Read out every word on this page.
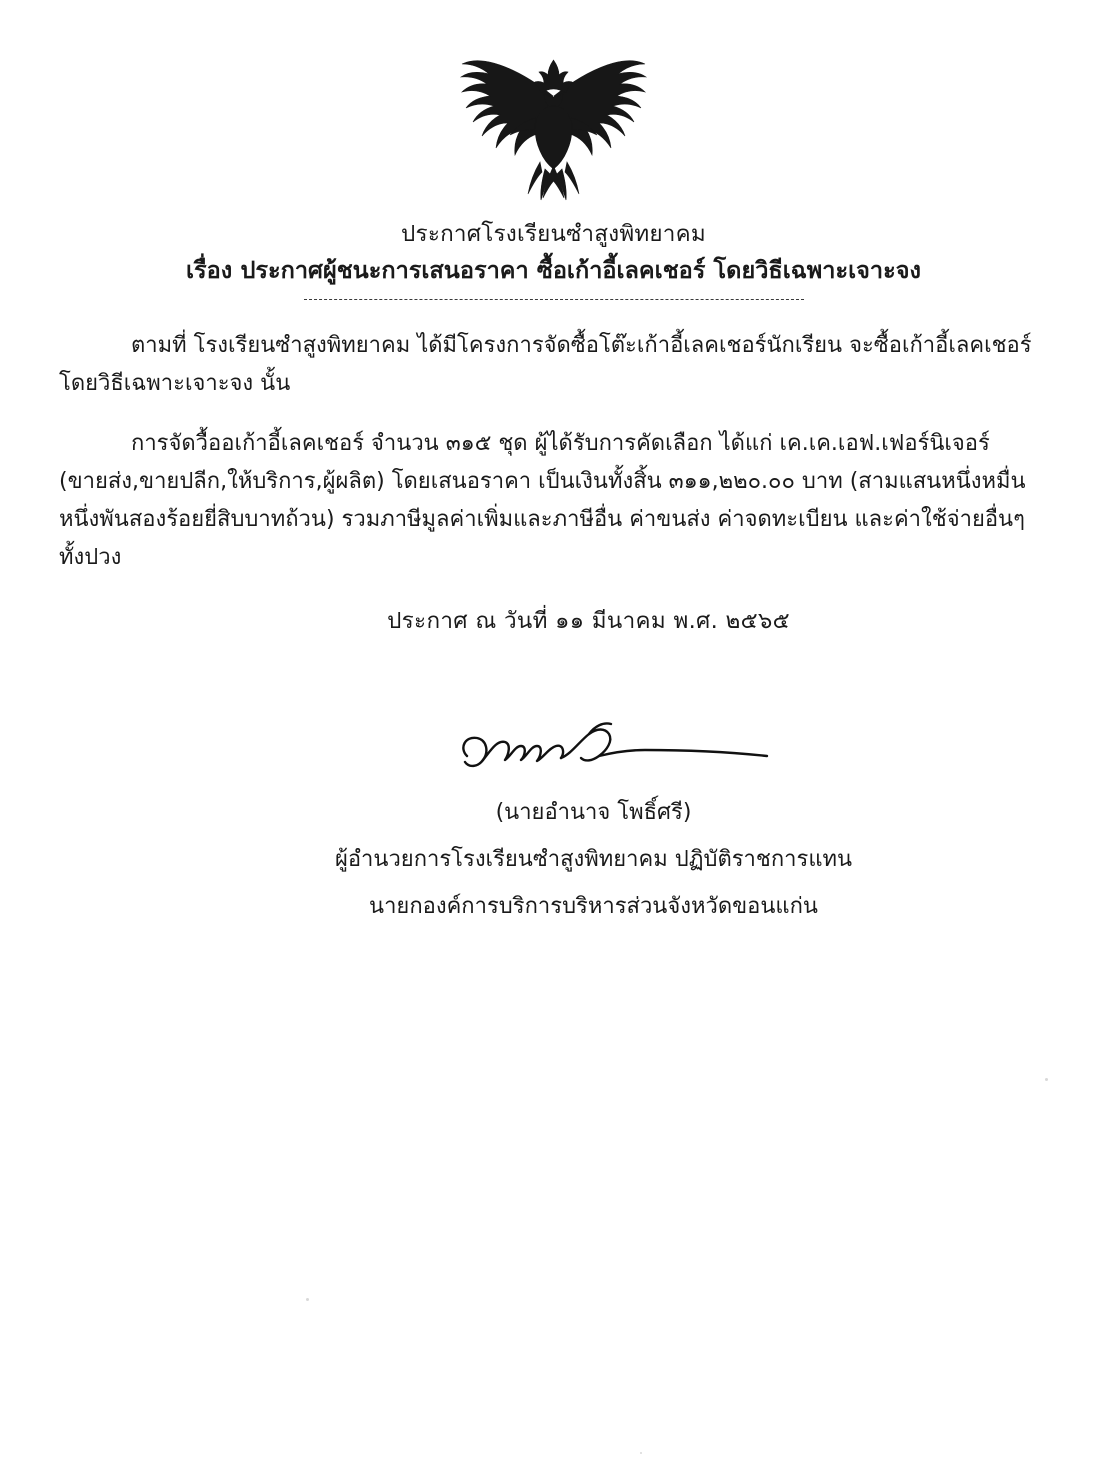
ประกาศโรงเรียนซำสูงพิทยาคม
เรื่อง ประกาศผู้ชนะการเสนอราคา ซื้อเก้าอี้เลคเชอร์ โดยวิธีเฉพาะเจาะจง

ตามที่ โรงเรียนซำสูงพิทยาคม ได้มีโครงการจัดซื้อโต๊ะเก้าอี้เลคเชอร์นักเรียน จะซื้อเก้าอี้เลคเชอร์ โดยวิธีเฉพาะเจาะจง นั้น

การจัดวื้ออเก้าอี้เลคเชอร์ จำนวน ๓๑๕ ชุด ผู้ได้รับการคัดเลือก ได้แก่ เค.เค.เอฟ.เฟอร์นิเจอร์ (ขายส่ง,ขายปลีก,ให้บริการ,ผู้ผลิต) โดยเสนอราคา เป็นเงินทั้งสิ้น ๓๑๑,๒๒๐.๐๐ บาท (สามแสนหนึ่งหมื่นหนึ่งพันสองร้อยยี่สิบบาทถ้วน) รวมภาษีมูลค่าเพิ่มและภาษีอื่น ค่าขนส่ง ค่าจดทะเบียน และค่าใช้จ่ายอื่นๆ ทั้งปวง

ประกาศ ณ วันที่ ๑๑ มีนาคม พ.ศ. ๒๕๖๕
(นายอำนาจ โพธิ์ศรี)
ผู้อำนวยการโรงเรียนซำสูงพิทยาคม ปฏิบัติราชการแทน
นายกองค์การบริการบริหารส่วนจังหวัดขอนแก่น
